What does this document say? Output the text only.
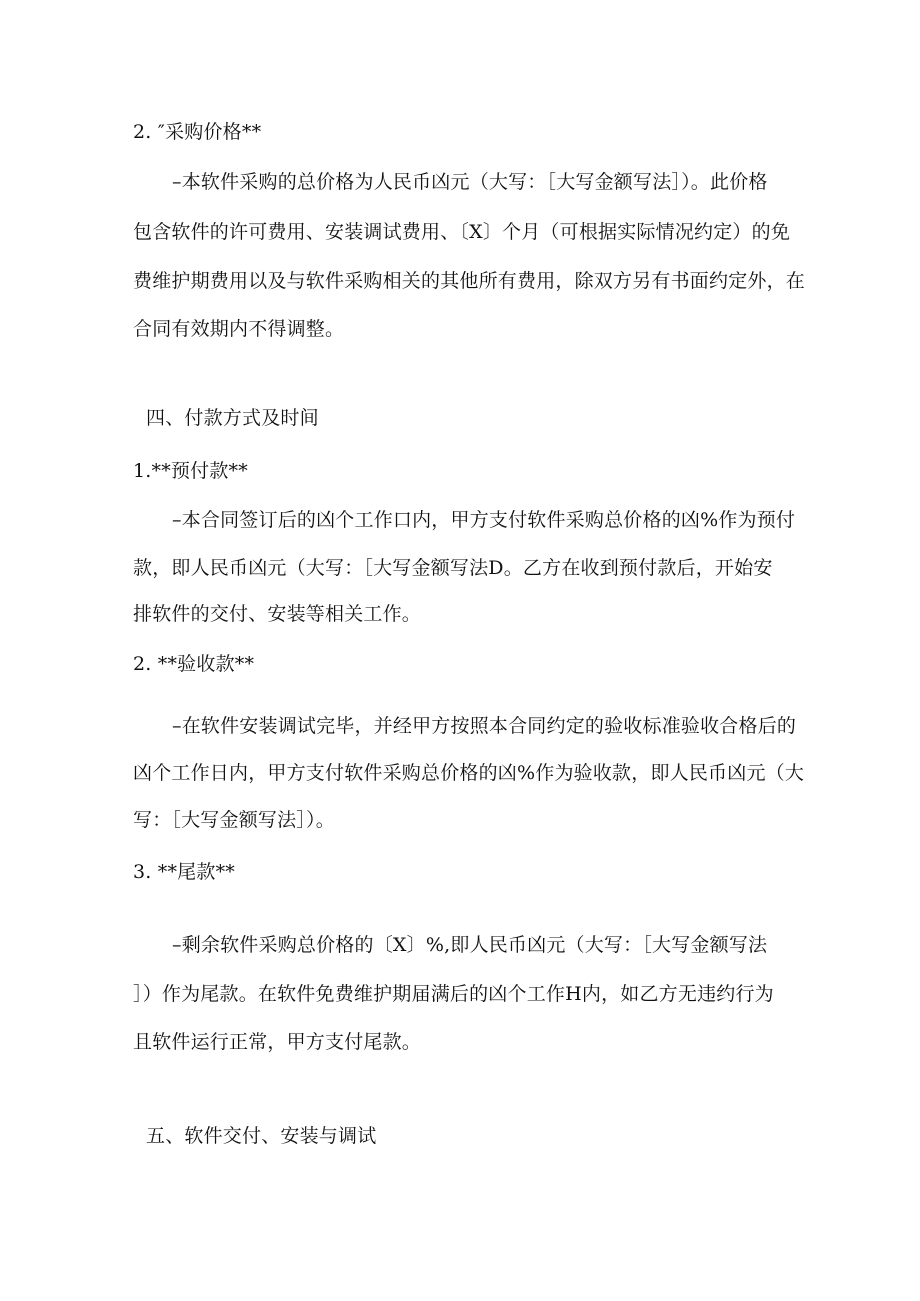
2. ″采购价格**
–本软件采购的总价格为人民币凶元（大写：［大写金额写法］）。此价格
包含软件的许可费用、安装调试费用、〔X〕个月（可根据实际情况约定）的免
费维护期费用以及与软件采购相关的其他所有费用，除双方另有书面约定外，在
合同有效期内不得调整。
四、付款方式及时间
1.**预付款**
–本合同签订后的凶个工作口内，甲方支付软件采购总价格的凶%作为预付
款，即人民币凶元（大写：［大写金额写法D。乙方在收到预付款后，开始安
排软件的交付、安装等相关工作。
2. **验收款**
–在软件安装调试完毕，并经甲方按照本合同约定的验收标准验收合格后的
凶个工作日内，甲方支付软件采购总价格的凶%作为验收款，即人民币凶元（大
写：［大写金额写法］）。
3. **尾款**
–剩余软件采购总价格的〔X〕%,即人民币凶元（大写：［大写金额写法
］）作为尾款。在软件免费维护期届满后的凶个工作H内，如乙方无违约行为
且软件运行正常，甲方支付尾款。
五、软件交付、安装与调试
